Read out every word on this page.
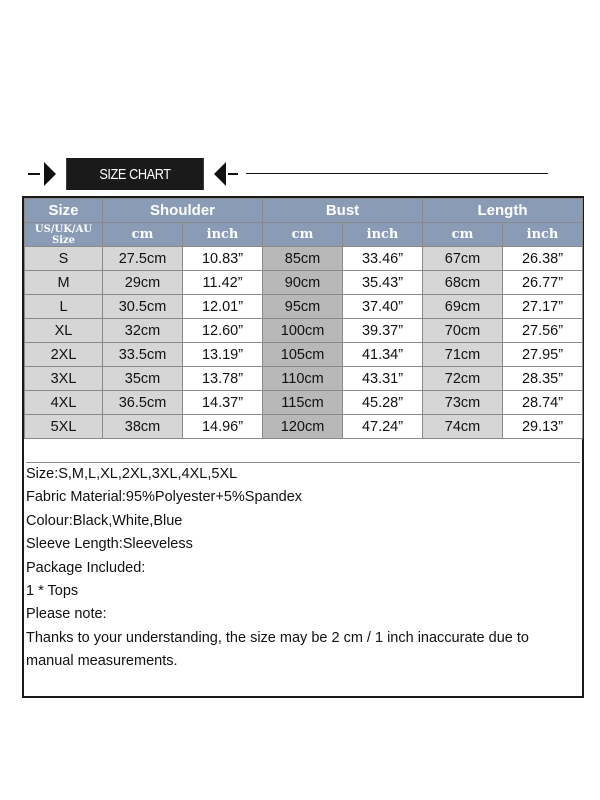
SIZE CHART
Size	Shoulder		Bust		Length	
US/UK/AU Size	cm	inch	cm	inch	cm	inch
S	27.5cm	10.83”	85cm	33.46”	67cm	26.38”
M	29cm	11.42”	90cm	35.43”	68cm	26.77”
L	30.5cm	12.01”	95cm	37.40”	69cm	27.17”
XL	32cm	12.60”	100cm	39.37”	70cm	27.56”
2XL	33.5cm	13.19”	105cm	41.34”	71cm	27.95”
3XL	35cm	13.78”	110cm	43.31”	72cm	28.35”
4XL	36.5cm	14.37”	115cm	45.28”	73cm	28.74”
5XL	38cm	14.96”	120cm	47.24”	74cm	29.13”
Size:S,M,L,XL,2XL,3XL,4XL,5XL
Fabric Material:95%Polyester+5%Spandex
Colour:Black,White,Blue
Sleeve Length:Sleeveless
Package Included:
1 * Tops
Please note:
Thanks to your understanding, the size may be 2 cm / 1 inch inaccurate due to manual measurements.
